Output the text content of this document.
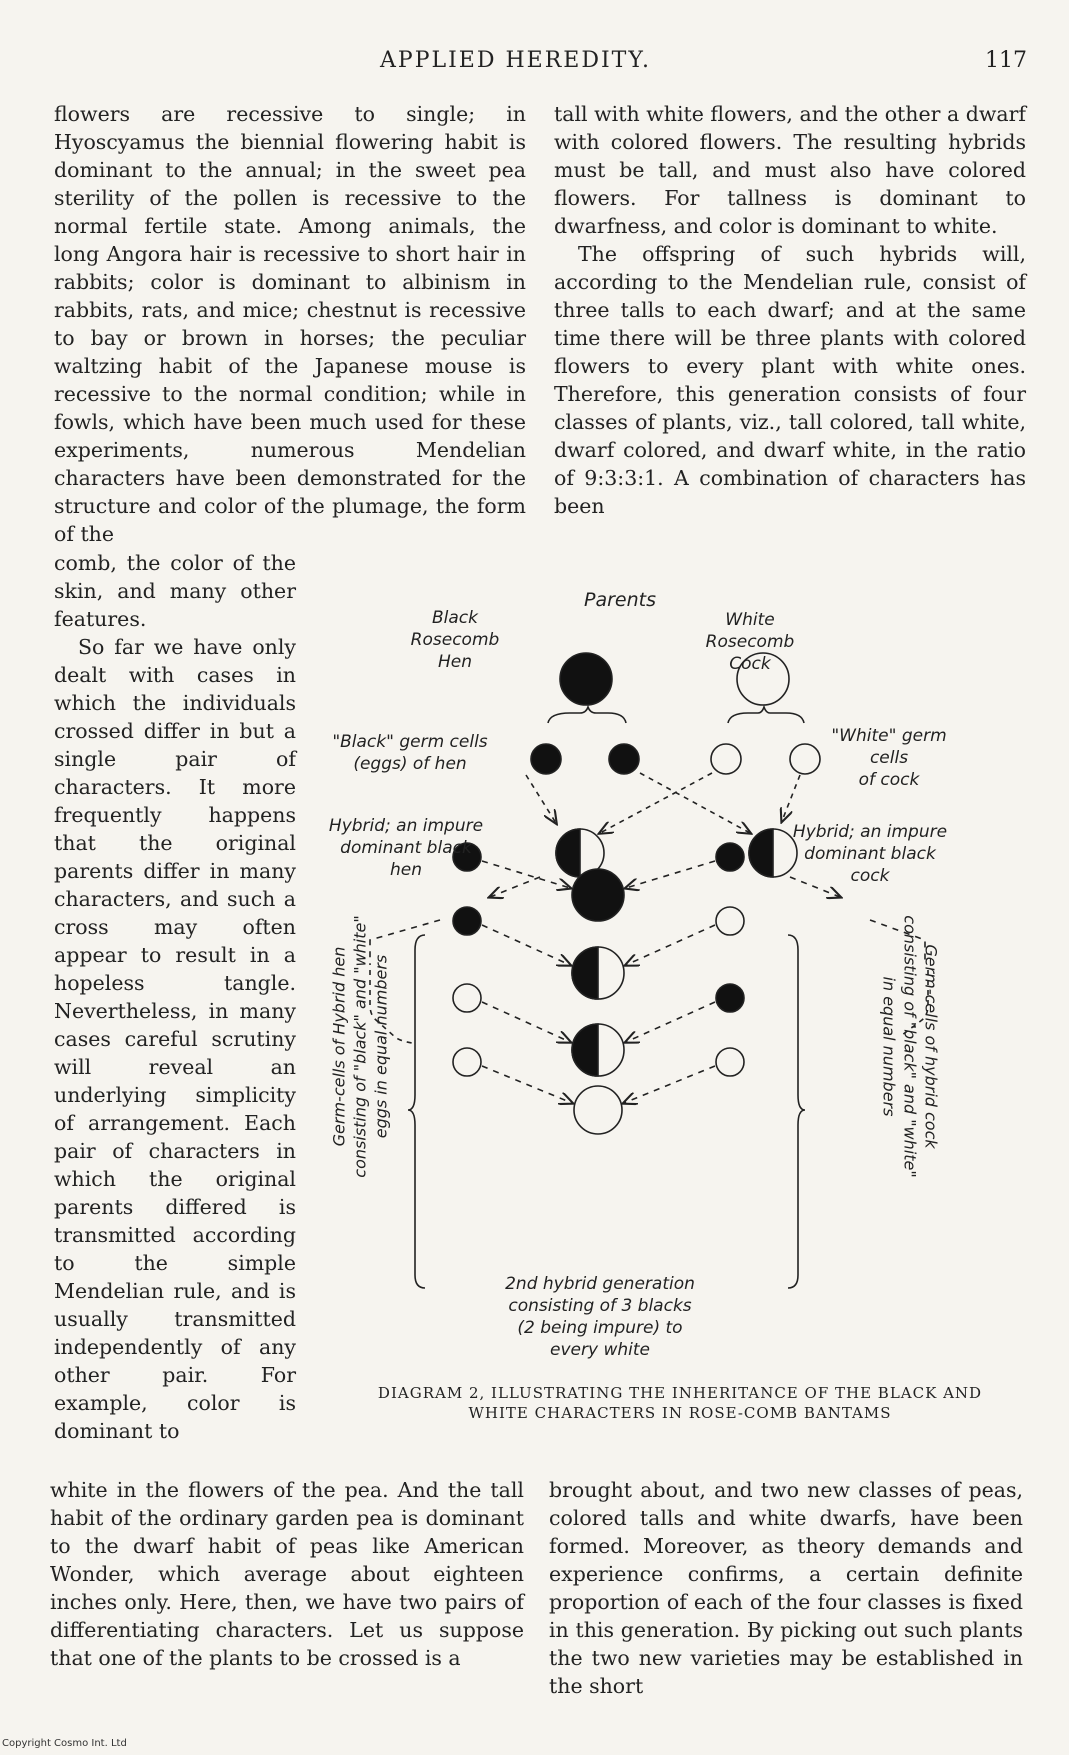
APPLIED HEREDITY.	117

flowers are recessive to single; in Hyoscyamus the biennial flowering habit is dominant to the annual; in the sweet pea sterility of the pollen is recessive to the normal fertile state. Among animals, the long Angora hair is recessive to short hair in rabbits; color is dominant to albinism in rabbits, rats, and mice; chestnut is recessive to bay or brown in horses; the peculiar waltzing habit of the Japanese mouse is recessive to the normal condition; while in fowls, which have been much used for these experiments, numerous Mendelian characters have been demonstrated for the structure and color of the plumage, the form of the

tall with white flowers, and the other a dwarf with colored flowers. The resulting hybrids must be tall, and must also have colored flowers. For tallness is dominant to dwarfness, and color is dominant to white.

The offspring of such hybrids will, according to the Mendelian rule, consist of three talls to each dwarf; and at the same time there will be three plants with colored flowers to every plant with white ones. Therefore, this generation consists of four classes of plants, viz., tall colored, tall white, dwarf colored, and dwarf white, in the ratio of 9:3:3:1. A combination of characters has been

comb, the color of the skin, and many other features.

So far we have only dealt with cases in which the individuals crossed differ in but a single pair of characters. It more frequently happens that the original parents differ in many characters, and such a cross may often appear to result in a hopeless tangle. Nevertheless, in many cases careful scrutiny will reveal an underlying simplicity of arrangement. Each pair of characters in which the original parents differed is transmitted according to the simple Mendelian rule, and is usually transmitted independently of any other pair. For example, color is dominant to

white in the flowers of the pea. And the tall habit of the ordinary garden pea is dominant to the dwarf habit of peas like American Wonder, which average about eighteen inches only. Here, then, we have two pairs of differentiating characters. Let us suppose that one of the plants to be crossed is a

brought about, and two new classes of peas, colored talls and white dwarfs, have been formed. Moreover, as theory demands and experience confirms, a certain definite proportion of each of the four classes is fixed in this generation. By picking out such plants the two new varieties may be established in the short

Parents
Black
Rosecomb
Hen
White
Rosecomb
Cock
"Black" germ cells
(eggs) of hen
"White" germ cells
of cock
Hybrid; an impure
dominant black
hen
Hybrid; an impure
dominant black
cock
Germ-cells of Hybrid hen consisting of "black" and "white" eggs in equal numbers	Germ-cells of hybrid cock
consisting of "black" and "white"
in equal numbers
2nd hybrid generation
consisting of 3 blacks
(2 being impure) to
every white
DIAGRAM 2, ILLUSTRATING THE INHERITANCE OF THE BLACK AND
WHITE CHARACTERS IN ROSE-COMB BANTAMS
Copyright Cosmo Int. Ltd
